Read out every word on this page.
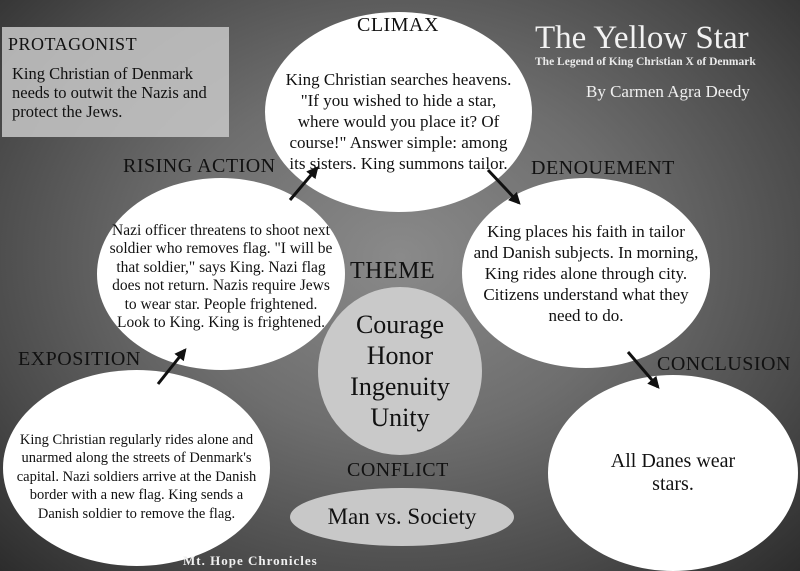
PROTAGONIST
King Christian of Denmark needs to outwit the Nazis and protect the Jews.
The Yellow Star
The Legend of King Christian X of Denmark
By Carmen Agra Deedy
King Christian searches heavens. "If you wished to hide a star, where would you place it? Of course!" Answer simple: among its sisters. King summons tailor.
CLIMAX
Nazi officer threatens to shoot next soldier who removes flag. "I will be that soldier," says King. Nazi flag does not return. Nazis require Jews to wear star. People frightened. Look to King. King is frightened.
RISING ACTION
King places his faith in tailor and Danish subjects. In morning, King rides alone through city. Citizens understand what they need to do.
DENOUEMENT
THEME
Courage
Honor
Ingenuity
Unity
EXPOSITION
King Christian regularly rides alone and unarmed along the streets of Denmark's capital. Nazi soldiers arrive at the Danish border with a new flag. King sends a Danish soldier to remove the flag.
CONCLUSION
All Danes wear stars.
CONFLICT
Man vs. Society
Mt. Hope Chronicles
